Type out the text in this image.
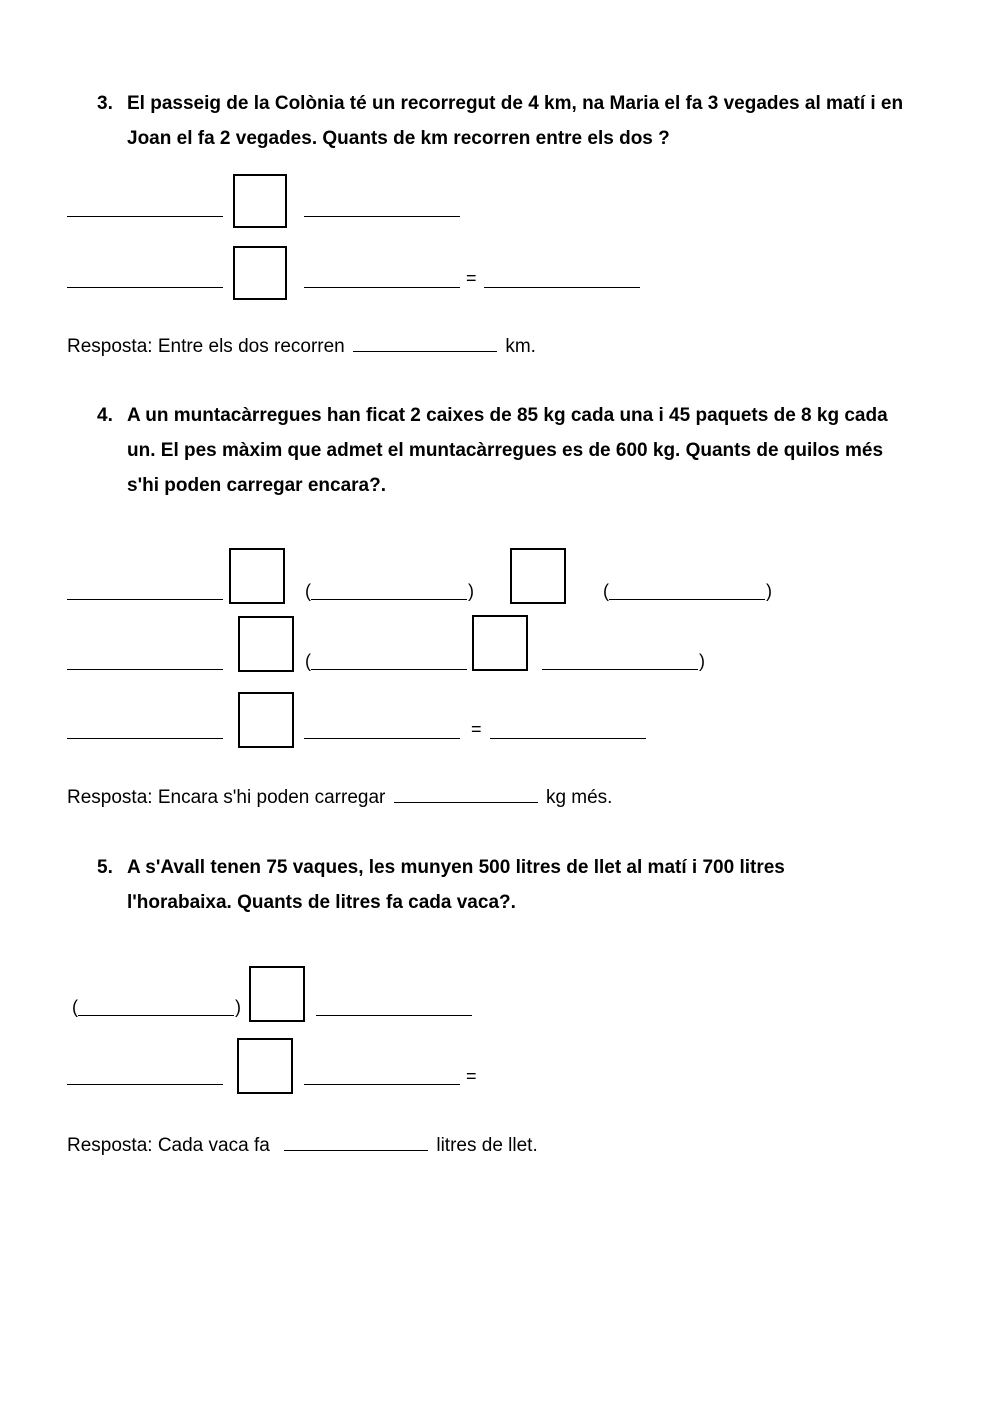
3. El passeig de la Colònia té un recorregut de 4 km, na Maria el fa 3 vegades al matí i en Joan el fa 2 vegades. Quants de km recorren entre els dos ?
=
Resposta: Entre els dos recorren	km.
4. A un muntacàrregues han ficat 2 caixes de 85 kg cada una i 45 paquets de 8 kg cada un. El pes màxim que admet el muntacàrregues es de 600 kg. Quants de quilos més s'hi poden carregar encara?.
(	)	(	)
(	)
=
Resposta: Encara s'hi poden carregar	kg més.
5. A s'Avall tenen 75 vaques, les munyen 500 litres de llet al matí i 700 litres l'horabaixa. Quants de litres fa cada vaca?.
(	)
=
Resposta: Cada vaca fa	litres de llet.
